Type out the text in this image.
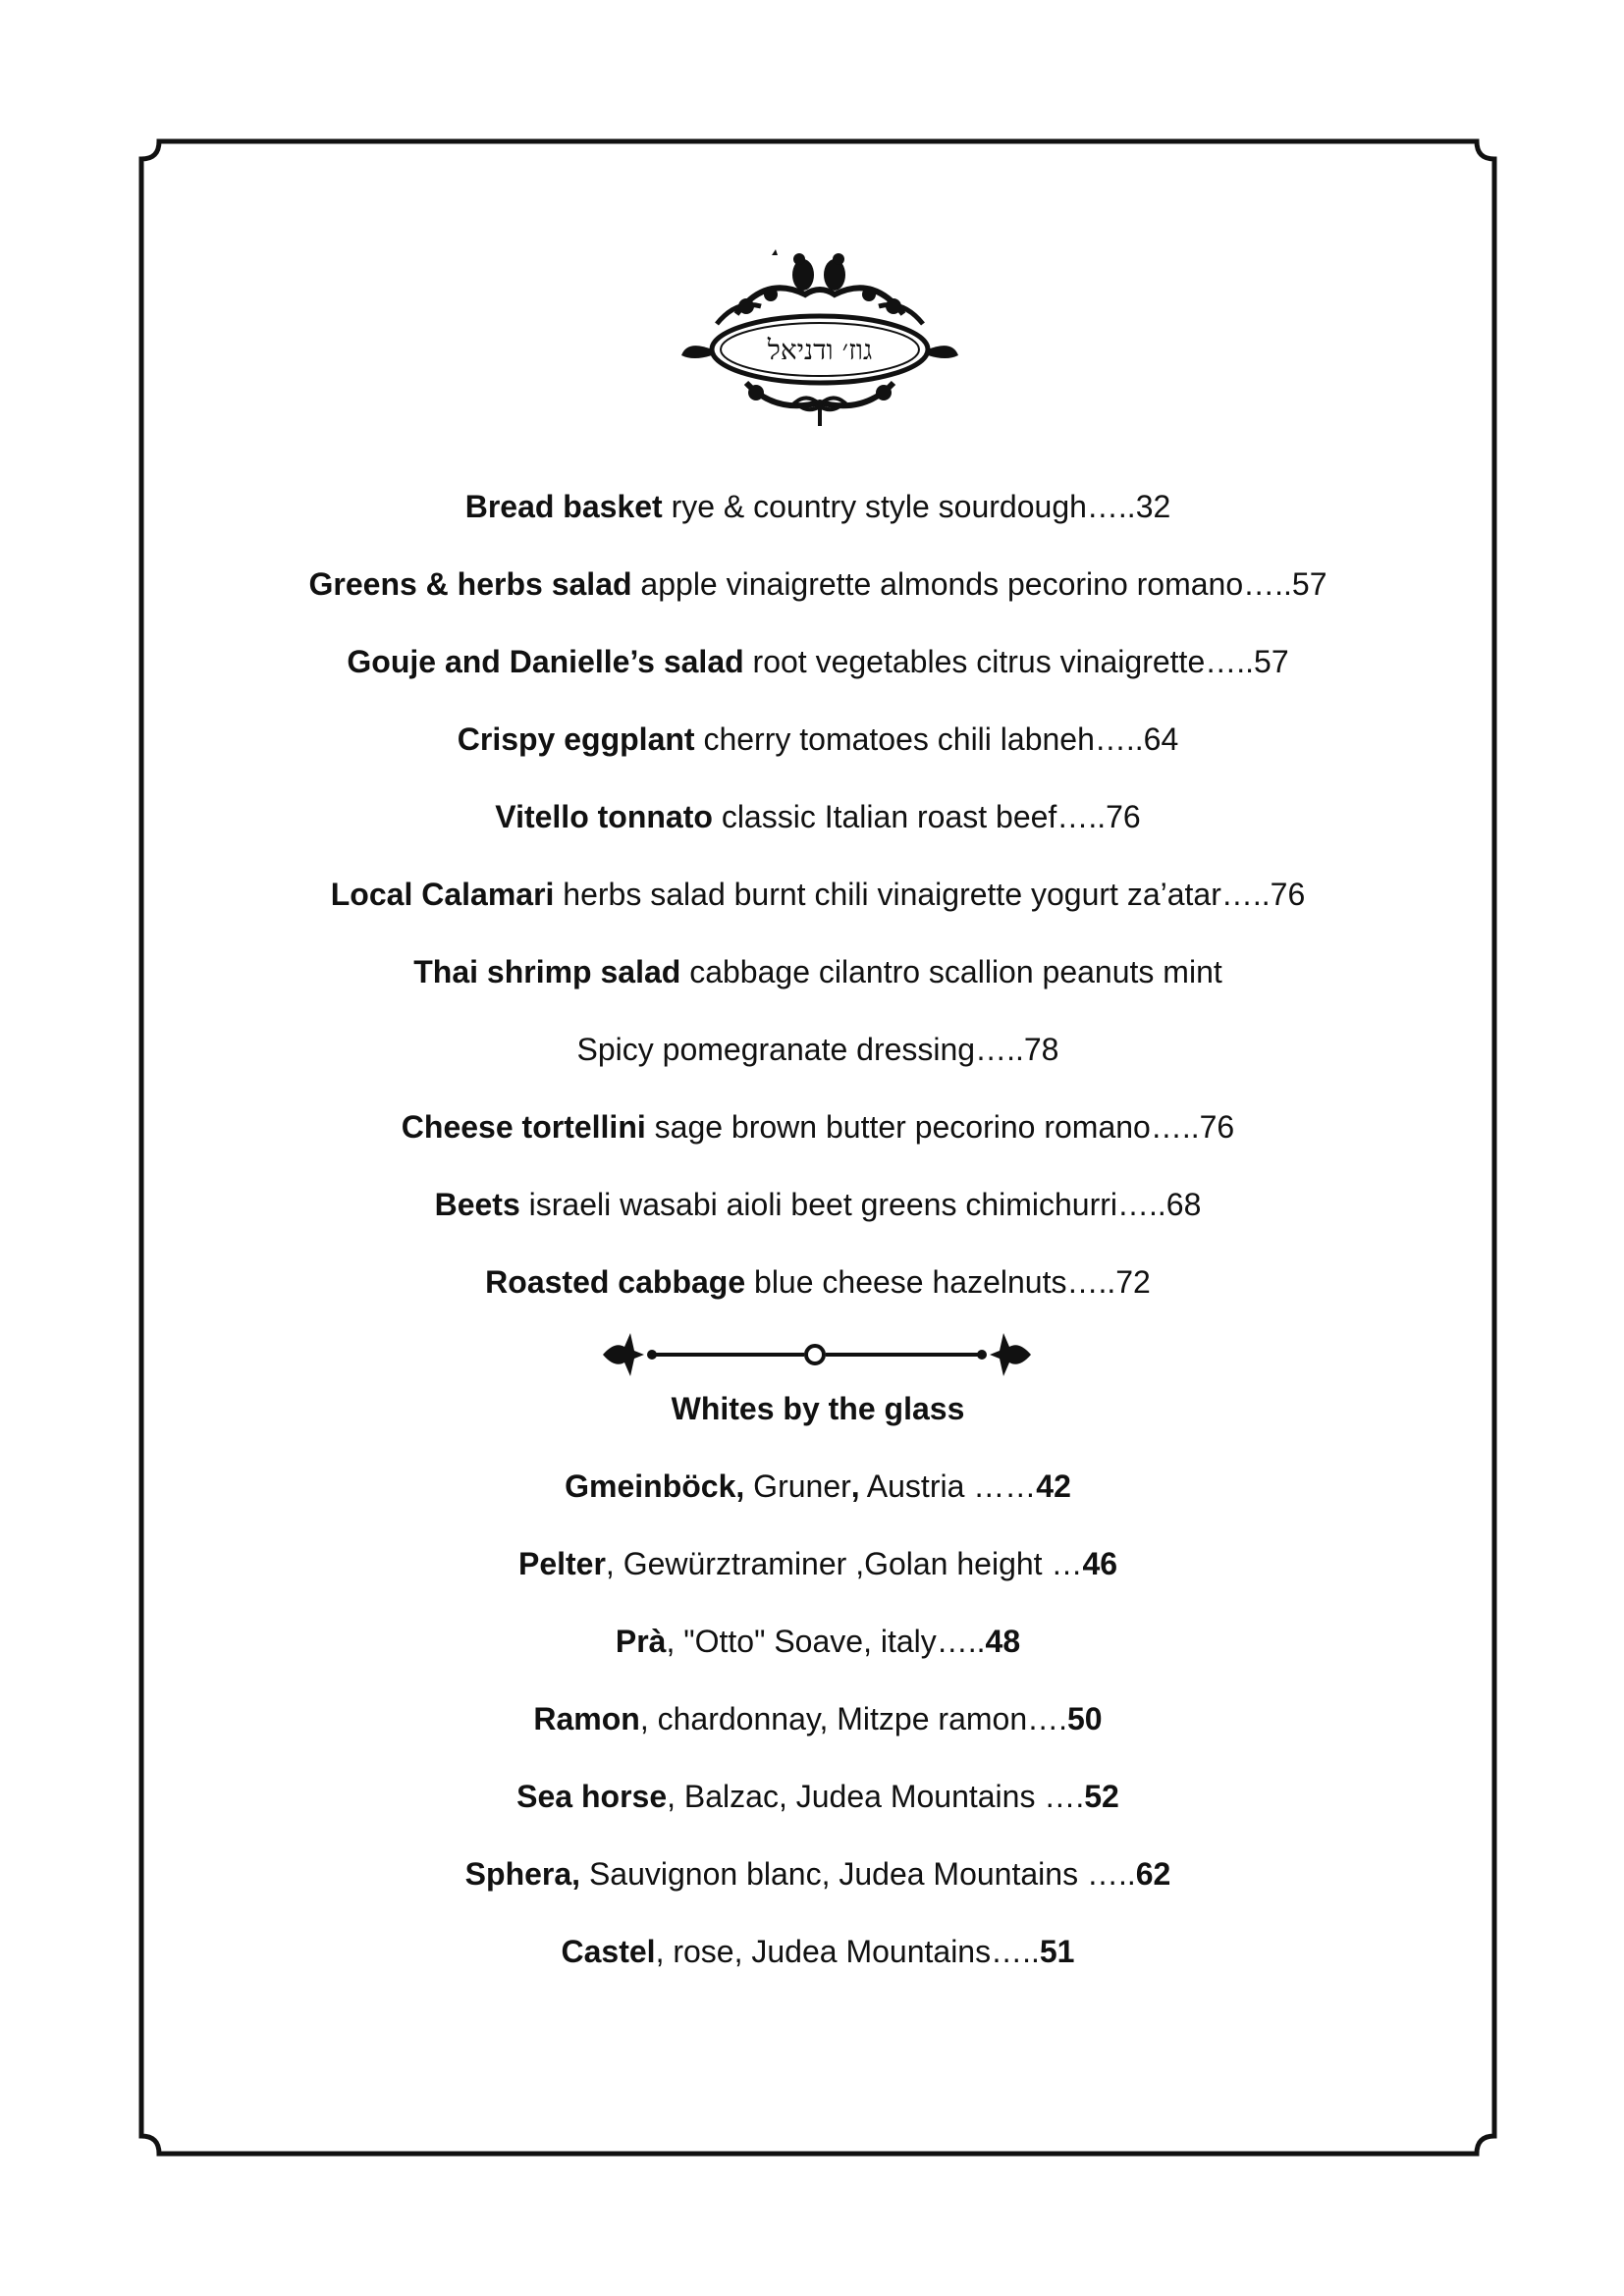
גוז׳ ודניאל
Bread basket rye & country style sourdough…..32
Greens & herbs salad apple vinaigrette almonds pecorino romano…..57
Gouje and Danielle’s salad root vegetables citrus vinaigrette…..57
Crispy eggplant cherry tomatoes chili labneh…..64
Vitello tonnato classic Italian roast beef…..76
Local Calamari herbs salad burnt chili vinaigrette yogurt za’atar…..76
Thai shrimp salad cabbage cilantro scallion peanuts mint
Spicy pomegranate dressing…..78
Cheese tortellini sage brown butter pecorino romano…..76
Beets israeli wasabi aioli beet greens chimichurri…..68
Roasted cabbage blue cheese hazelnuts…..72
Whites by the glass
Gmeinböck, Gruner, Austria ……42
Pelter, Gewürztraminer ,Golan height …46
Prà, "Otto" Soave, italy…..48
Ramon, chardonnay, Mitzpe ramon….50
Sea horse, Balzac, Judea Mountains ….52
Sphera, Sauvignon blanc, Judea Mountains …..62
Castel, rose, Judea Mountains…..51
